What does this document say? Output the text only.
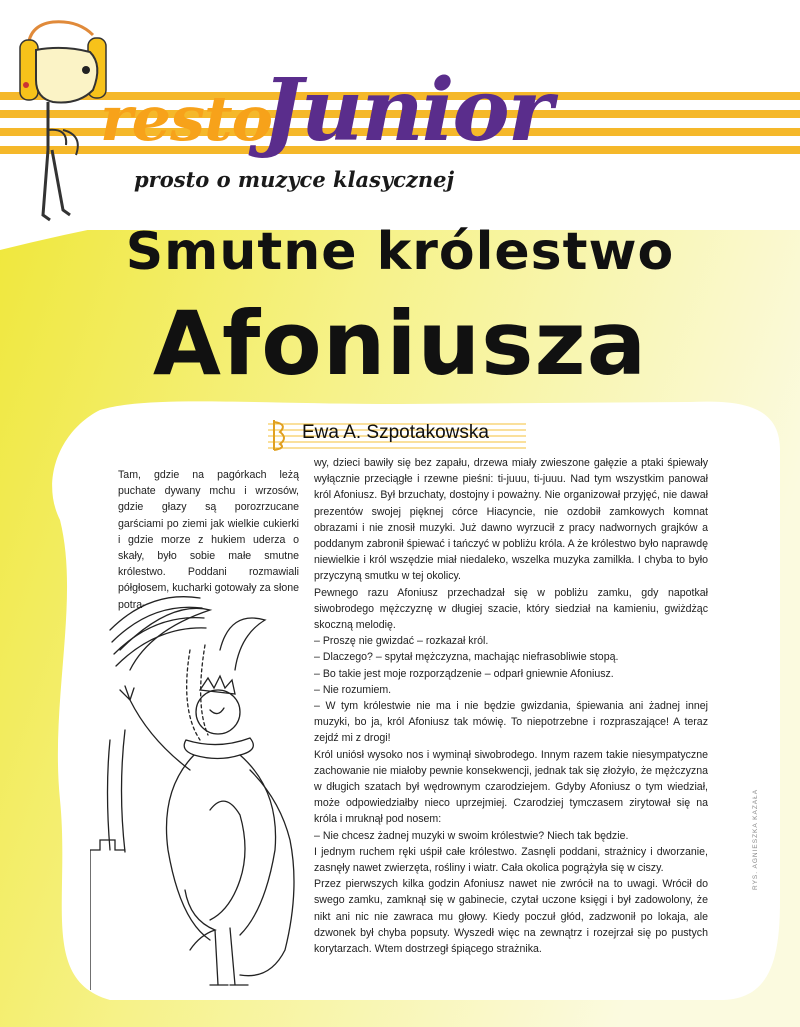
resto
Junior
prosto o muzyce klasycznej
Smutne królestwo
Afoniusza
Ewa A. Szpotakowska

Tam, gdzie na pagórkach leżą puchate dywany mchu i wrzosów, gdzie głazy są porozrzucane garściami po ziemi jak wielkie cukierki i gdzie morze z hukiem uderza o skały, było sobie małe smutne królestwo. Poddani rozmawiali półgłosem, kucharki gotowały za słone potra-

wy, dzieci bawiły się bez zapału, drzewa miały zwieszone gałęzie a ptaki śpiewały wyłącznie przeciągłe i rzewne pieśni: ti-juuu, ti-juuu. Nad tym wszystkim panował król Afoniusz. Był brzuchaty, dostojny i poważny. Nie organizował przyjęć, nie dawał prezentów swojej pięknej córce Hiacyncie, nie ozdobił zamkowych komnat obrazami i nie znosił muzyki. Już dawno wyrzucił z pracy nadwornych grajków a poddanym zabronił śpiewać i tańczyć w pobliżu króla. A że królestwo było naprawdę niewielkie i król wszędzie miał niedaleko, wszelka muzyka zamilkła. I chyba to było przyczyną smutku w tej okolicy.

Pewnego razu Afoniusz przechadzał się w pobliżu zamku, gdy napotkał siwobrodego mężczyznę w długiej szacie, który siedział na kamieniu, gwiżdżąc skoczną melodię.

– Proszę nie gwizdać – rozkazał król.

– Dlaczego? – spytał mężczyzna, machając niefrasobliwie stopą.

– Bo takie jest moje rozporządzenie – odparł gniewnie Afoniusz.

– Nie rozumiem.

– W tym królestwie nie ma i nie będzie gwizdania, śpiewania ani żadnej innej muzyki, bo ja, król Afoniusz tak mówię. To niepotrzebne i rozpraszające! A teraz zejdź mi z drogi!

Król uniósł wysoko nos i wyminął siwobrodego. Innym razem takie niesympatyczne zachowanie nie miałoby pewnie konsekwencji, jednak tak się złożyło, że mężczyzna w długich szatach był wędrownym czarodziejem. Gdyby Afoniusz o tym wiedział, może odpowiedziałby nieco uprzejmiej. Czarodziej tymczasem zirytował się na króla i mruknął pod nosem:

– Nie chcesz żadnej muzyki w swoim królestwie? Niech tak będzie.

I jednym ruchem ręki uśpił całe królestwo. Zasnęli poddani, strażnicy i dworzanie, zasnęły nawet zwierzęta, rośliny i wiatr. Cała okolica pogrążyła się w ciszy.

Przez pierwszych kilka godzin Afoniusz nawet nie zwrócił na to uwagi. Wrócił do swego zamku, zamknął się w gabinecie, czytał uczone księgi i był zadowolony, że nikt ani nic nie zawraca mu głowy. Kiedy poczuł głód, zadzwonił po lokaja, ale dzwonek był chyba popsuty. Wyszedł więc na zewnątrz i rozejrzał się po pustych korytarzach. Wtem dostrzegł śpiącego strażnika.

RYS. AGNIESZKA KAZAŁA
